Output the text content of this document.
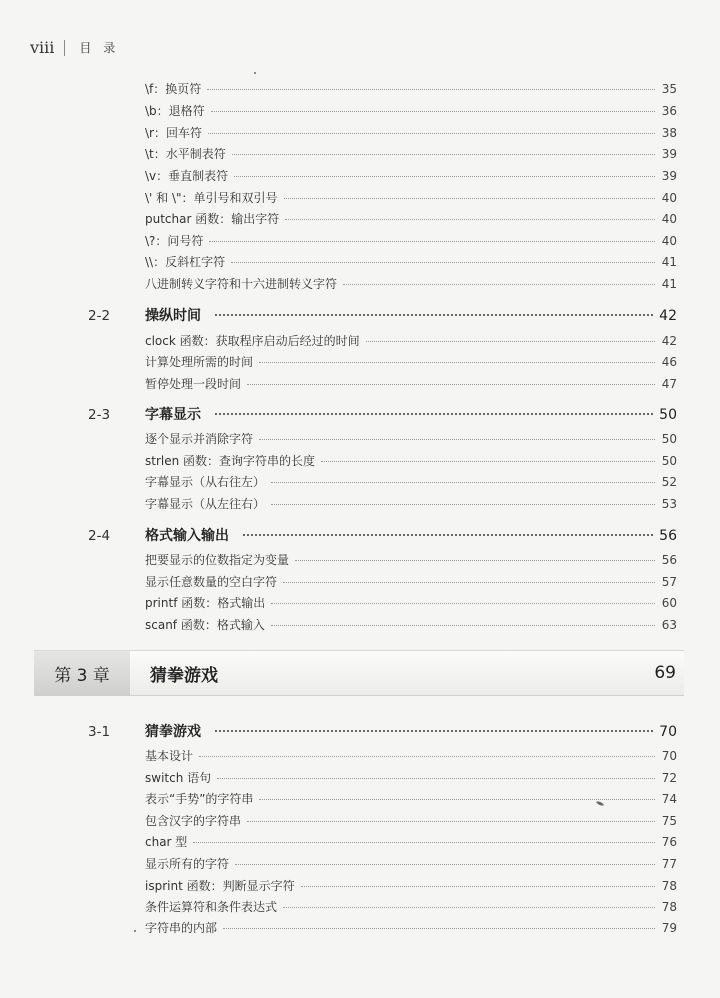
viii 目 录
\f：换页符	35
\b：退格符	36
\r：回车符	38
\t：水平制表符	39
\v：垂直制表符	39
\' 和 \"：单引号和双引号	40
putchar 函数：输出字符	40
\?：问号符	40
\\：反斜杠字符	41
八进制转义字符和十六进制转义字符	41
2-2	操纵时间	42
clock 函数：获取程序启动后经过的时间	42
计算处理所需的时间	46
暂停处理一段时间	47
2-3	字幕显示	50
逐个显示并消除字符	50
strlen 函数：查询字符串的长度	50
字幕显示（从右往左）	52
字幕显示（从左往右）	53
2-4	格式输入输出	56
把要显示的位数指定为变量	56
显示任意数量的空白字符	57
printf 函数：格式输出	60
scanf 函数：格式输入	63
第 3 章	猜拳游戏	69
3-1	猜拳游戏	70
基本设计	70
switch 语句	72
表示“手势”的字符串	74
包含汉字的字符串	75
char 型	76
显示所有的字符	77
isprint 函数：判断显示字符	78
条件运算符和条件表达式	78
字符串的内部	79
